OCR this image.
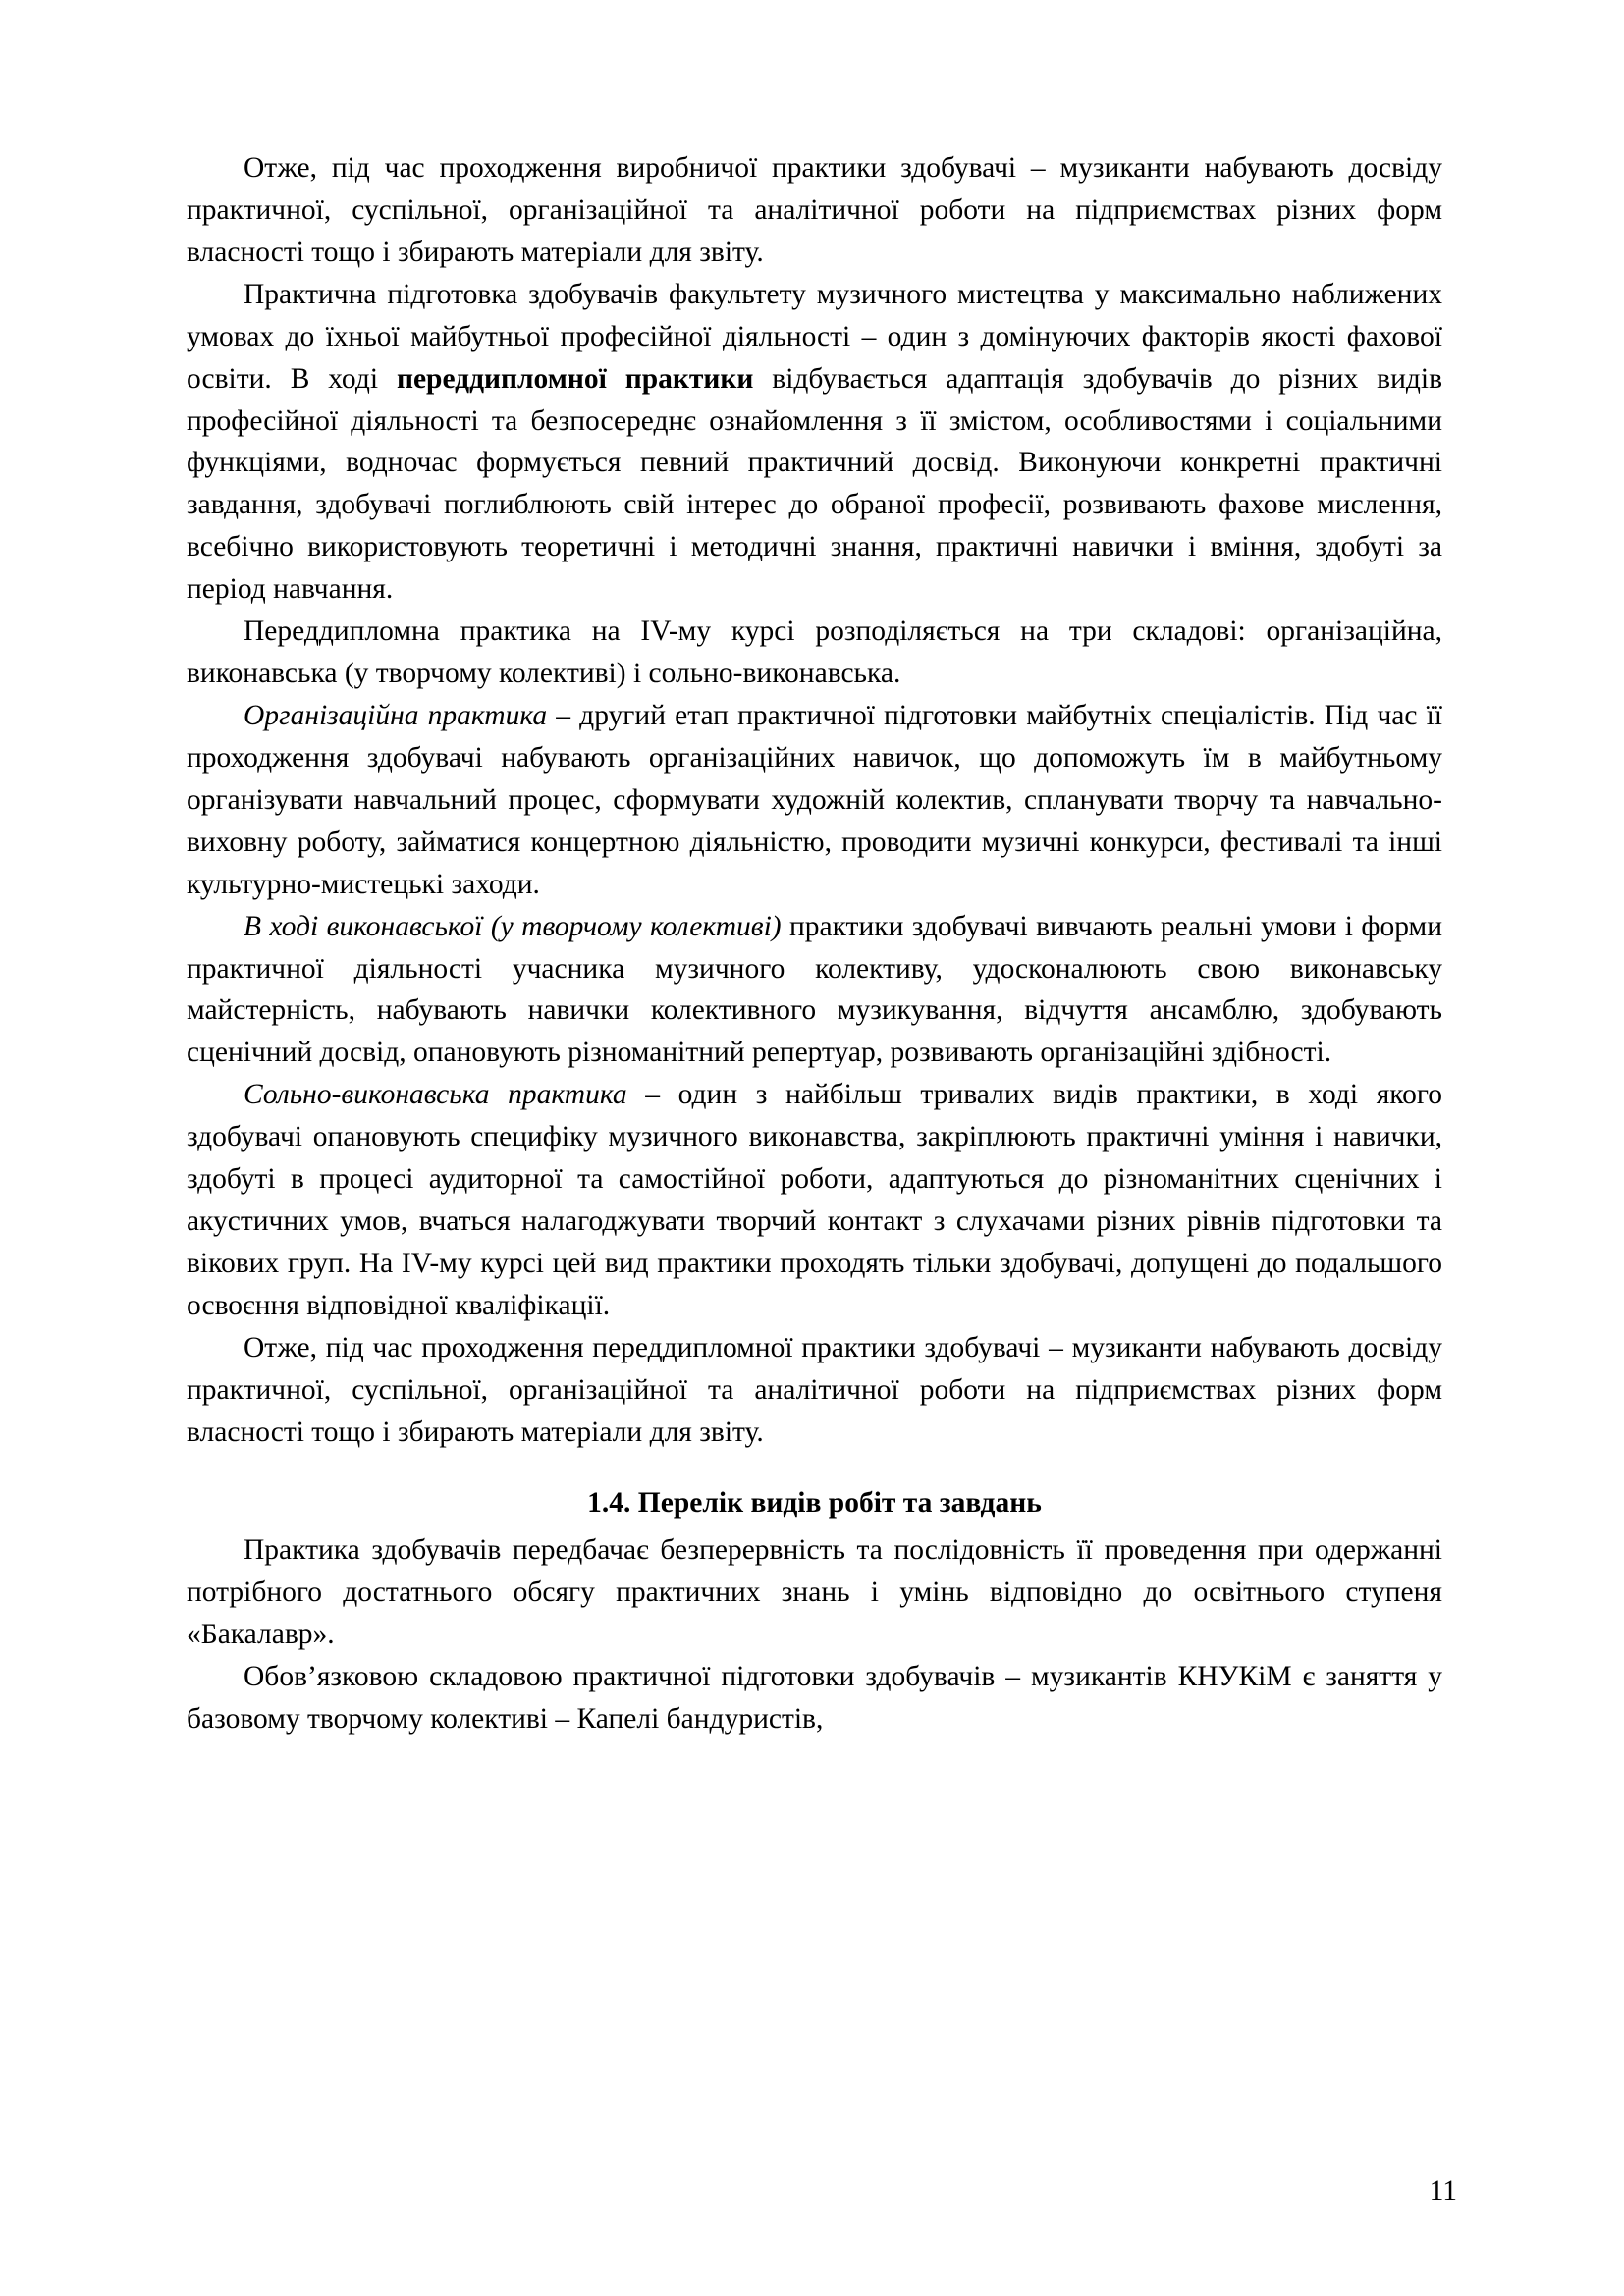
Отже, під час проходження виробничої практики здобувачі – музиканти набувають досвіду практичної, суспільної, організаційної та аналітичної роботи на підприємствах різних форм власності тощо і збирають матеріали для звіту.

Практична підготовка здобувачів факультету музичного мистецтва у максимально наближених умовах до їхньої майбутньої професійної діяльності – один з домінуючих факторів якості фахової освіти. В ході переддипломної практики відбувається адаптація здобувачів до різних видів професійної діяльності та безпосереднє ознайомлення з її змістом, особливостями і соціальними функціями, водночас формується певний практичний досвід. Виконуючи конкретні практичні завдання, здобувачі поглиблюють свій інтерес до обраної професії, розвивають фахове мислення, всебічно використовують теоретичні і методичні знання, практичні навички і вміння, здобуті за період навчання.

Переддипломна практика на IV-му курсі розподіляється на три складові: організаційна, виконавська (у творчому колективі) і сольно-виконавська.

Організаційна практика – другий етап практичної підготовки майбутніх спеціалістів. Під час її проходження здобувачі набувають організаційних навичок, що допоможуть їм в майбутньому організувати навчальний процес, сформувати художній колектив, спланувати творчу та навчально-виховну роботу, займатися концертною діяльністю, проводити музичні конкурси, фестивалі та інші культурно-мистецькі заходи.

В ході виконавської (у творчому колективі) практики здобувачі вивчають реальні умови і форми практичної діяльності учасника музичного колективу, удосконалюють свою виконавську майстерність, набувають навички колективного музикування, відчуття ансамблю, здобувають сценічний досвід, опановують різноманітний репертуар, розвивають організаційні здібності.

Сольно-виконавська практика – один з найбільш тривалих видів практики, в ході якого здобувачі опановують специфіку музичного виконавства, закріплюють практичні уміння і навички, здобуті в процесі аудиторної та самостійної роботи, адаптуються до різноманітних сценічних і акустичних умов, вчаться налагоджувати творчий контакт з слухачами різних рівнів підготовки та вікових груп. На IV-му курсі цей вид практики проходять тільки здобувачі, допущені до подальшого освоєння відповідної кваліфікації.

Отже, під час проходження переддипломної практики здобувачі – музиканти набувають досвіду практичної, суспільної, організаційної та аналітичної роботи на підприємствах різних форм власності тощо і збирають матеріали для звіту.

1.4. Перелік видів робіт та завдань

Практика здобувачів передбачає безперервність та послідовність її проведення при одержанні потрібного достатнього обсягу практичних знань і умінь відповідно до освітнього ступеня «Бакалавр».

Обов’язковою складовою практичної підготовки здобувачів – музикантів КНУКіМ є заняття у базовому творчому колективі – Капелі бандуристів,

11
